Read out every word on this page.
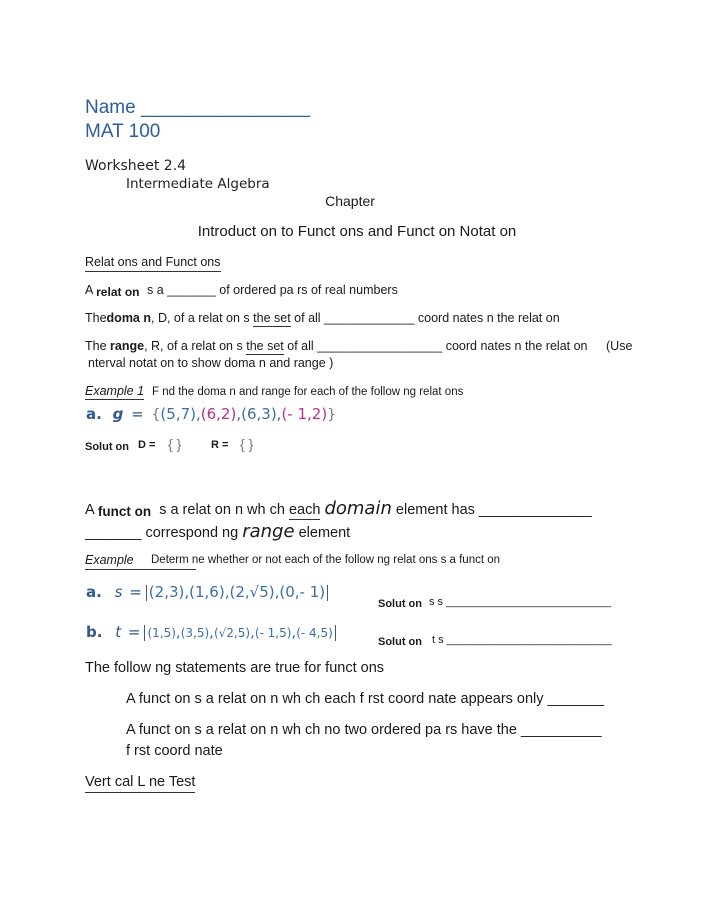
Name ________________
MAT 100
Worksheet 2.4
Intermediate Algebra
Chapter
Introduct on to Funct ons and Funct on Notat on
Relat ons and Funct ons
A relat on s a _______ of ordered pa rs of real numbers
Thedoma n, D, of a relat on s the set of all _____________ coord nates n the relat on
The range, R, of a relat on s the set of all __________________ coord nates n the relat on (Use
nterval notat on to show doma n and range )
Example 1 F nd the doma n and range for each of the follow ng relat ons
a. g = {(5,7),(6,2),(6,3),(- 1,2)}
Solut on D = { }	R = { }
A funct on s a relat on n wh ch each domain element has ______________
_______ correspond ng range element
Example	Determ ne whether or not each of the follow ng relat ons s a funct on
a. s = (2,3),(1,6),(2,√5),(0,- 1)
Solut on s s ___________________________
b. t = (1,5),(3,5),(√2,5),(- 1,5),(- 4,5)
Solut on t s ___________________________
The follow ng statements are true for funct ons
A funct on s a relat on n wh ch each f rst coord nate appears only _______
A funct on s a relat on n wh ch no two ordered pa rs have the __________
f rst coord nate
Vert cal L ne Test
